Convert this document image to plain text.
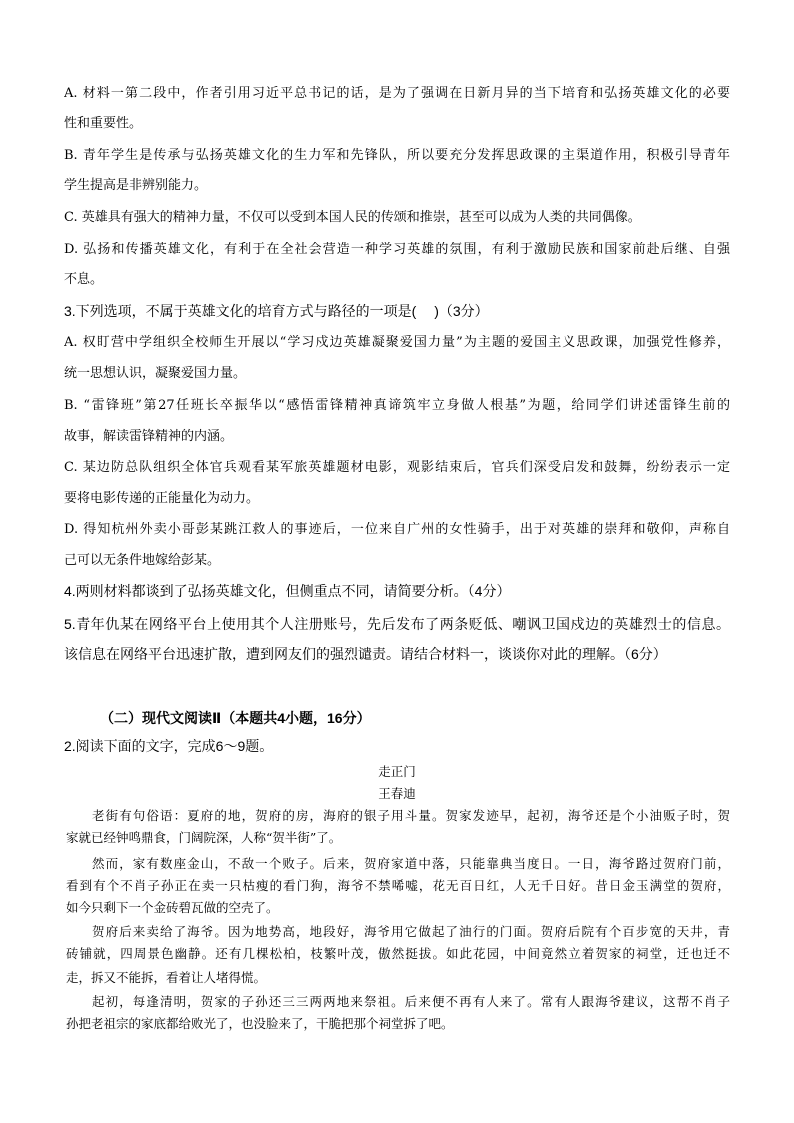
A. 材料一第二段中，作者引用习近平总书记的话，是为了强调在日新月异的当下培育和弘扬英雄文化的必要
性和重要性。
B. 青年学生是传承与弘扬英雄文化的生力军和先锋队，所以要充分发挥思政课的主渠道作用，积极引导青年
学生提高是非辨别能力。
C. 英雄具有强大的精神力量，不仅可以受到本国人民的传颂和推崇，甚至可以成为人类的共同偶像。
D. 弘扬和传播英雄文化，有利于在全社会营造一种学习英雄的氛围，有利于激励民族和国家前赴后继、自强
不息。
3.下列选项，不属于英雄文化的培育方式与路径的一项是(　 )（3分）
A. 权盯营中学组织全校师生开展以“学习戍边英雄凝聚爱国力量”为主题的爱国主义思政课，加强党性修养，
统一思想认识，凝聚爱国力量。
B. “雷锋班”第27任班长卒振华以“感悟雷锋精神真谛筑牢立身做人根基”为题，给同学们讲述雷锋生前的
故事，解读雷锋精神的内涵。
C. 某边防总队组织全体官兵观看某军旅英雄题材电影，观影结束后，官兵们深受启发和鼓舞，纷纷表示一定
要将电影传递的正能量化为动力。
D. 得知杭州外卖小哥彭某跳江救人的事迹后，一位来自广州的女性骑手，出于对英雄的崇拜和敬仰，声称自
己可以无条件地嫁给彭某。
4.两则材料都谈到了弘扬英雄文化，但侧重点不同，请简要分析。（4分）
5.青年仇某在网络平台上使用其个人注册账号，先后发布了两条贬低、嘲讽卫国戍边的英雄烈士的信息。
该信息在网络平台迅速扩散，遭到网友们的强烈谴责。请结合材料一，谈谈你对此的理解。（6分）
（二）现代文阅读Ⅱ（本题共4小题，16分）
2.阅读下面的文字，完成6～9题。
走正门
王春迪
老街有句俗语：夏府的地，贺府的房，海府的银子用斗量。贺家发迹早，起初，海爷还是个小油贩子时，贺
家就已经钟鸣鼎食，门阔院深，人称“贺半街”了。
然而，家有数座金山，不敌一个败子。后来，贺府家道中落，只能靠典当度日。一日，海爷路过贺府门前，
看到有个不肖子孙正在卖一只枯瘦的看门狗，海爷不禁唏嘘，花无百日红，人无千日好。昔日金玉满堂的贺府，
如今只剩下一个金砖碧瓦做的空壳了。
贺府后来卖给了海爷。因为地势高，地段好，海爷用它做起了油行的门面。贺府后院有个百步宽的天井，青
砖铺就，四周景色幽静。还有几棵松柏，枝繁叶茂，傲然挺拔。如此花园，中间竟然立着贺家的祠堂，迁也迁不
走，拆又不能拆，看着让人堵得慌。
起初，每逢清明，贺家的子孙还三三两两地来祭祖。后来便不再有人来了。常有人跟海爷建议，这帮不肖子
孙把老祖宗的家底都给败光了，也没脸来了，干脆把那个祠堂拆了吧。
